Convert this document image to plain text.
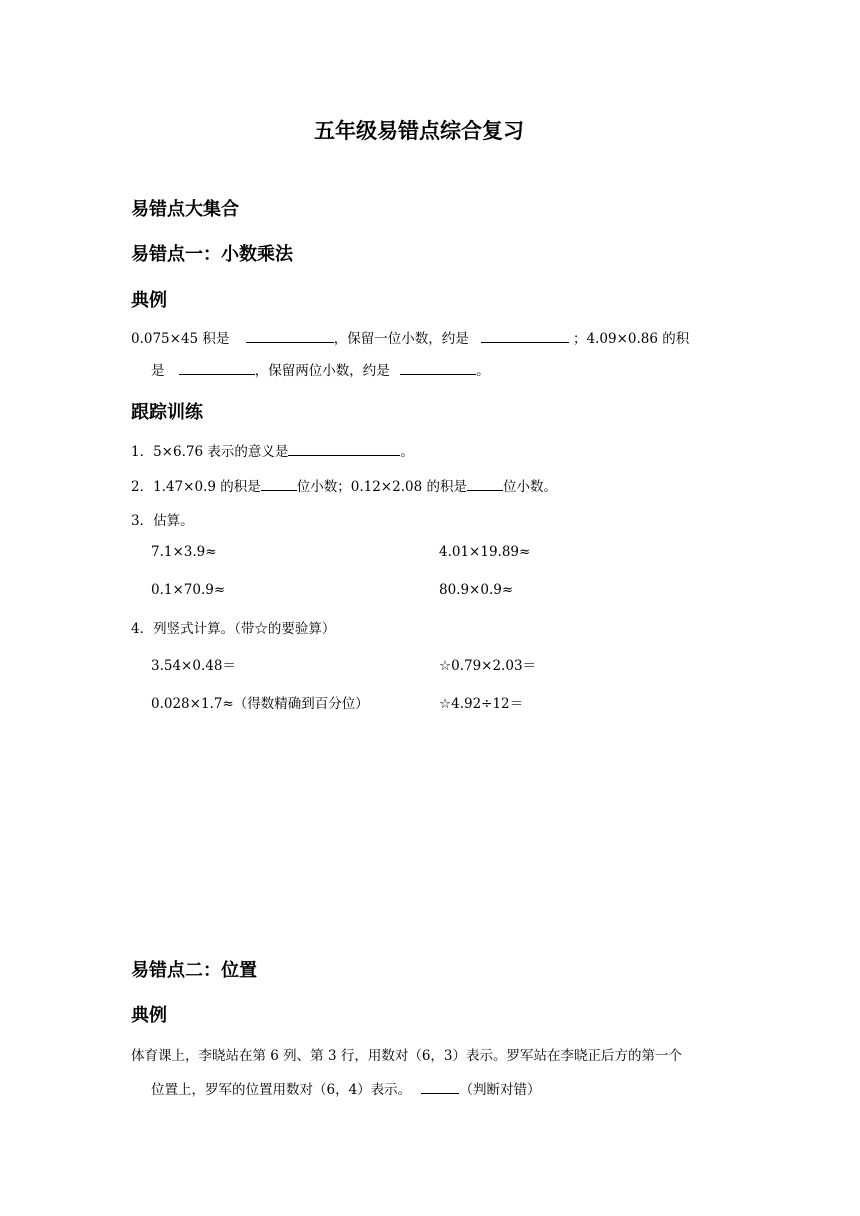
五年级易错点综合复习
易错点大集合
易错点一：小数乘法
典例
0.075×45 积是	，保留一位小数，约是	；4.09×0.86 的积
是	，保留两位小数，约是	。
跟踪训练
1．5×6.76 表示的意义是	。
2．1.47×0.9 的积是	位小数；0.12×2.08 的积是	位小数。
3．估算。
7.1×3.9≈	4.01×19.89≈
0.1×70.9≈	80.9×0.9≈
4．列竖式计算。（带☆的要验算）
3.54×0.48＝	☆0.79×2.03＝
0.028×1.7≈（得数精确到百分位）	☆4.92÷12＝
易错点二：位置
典例
体育课上，李晓站在第 6 列、第 3 行，用数对（6，3）表示。罗军站在李晓正后方的第一个
位置上，罗军的位置用数对（6，4）表示。	（判断对错）
